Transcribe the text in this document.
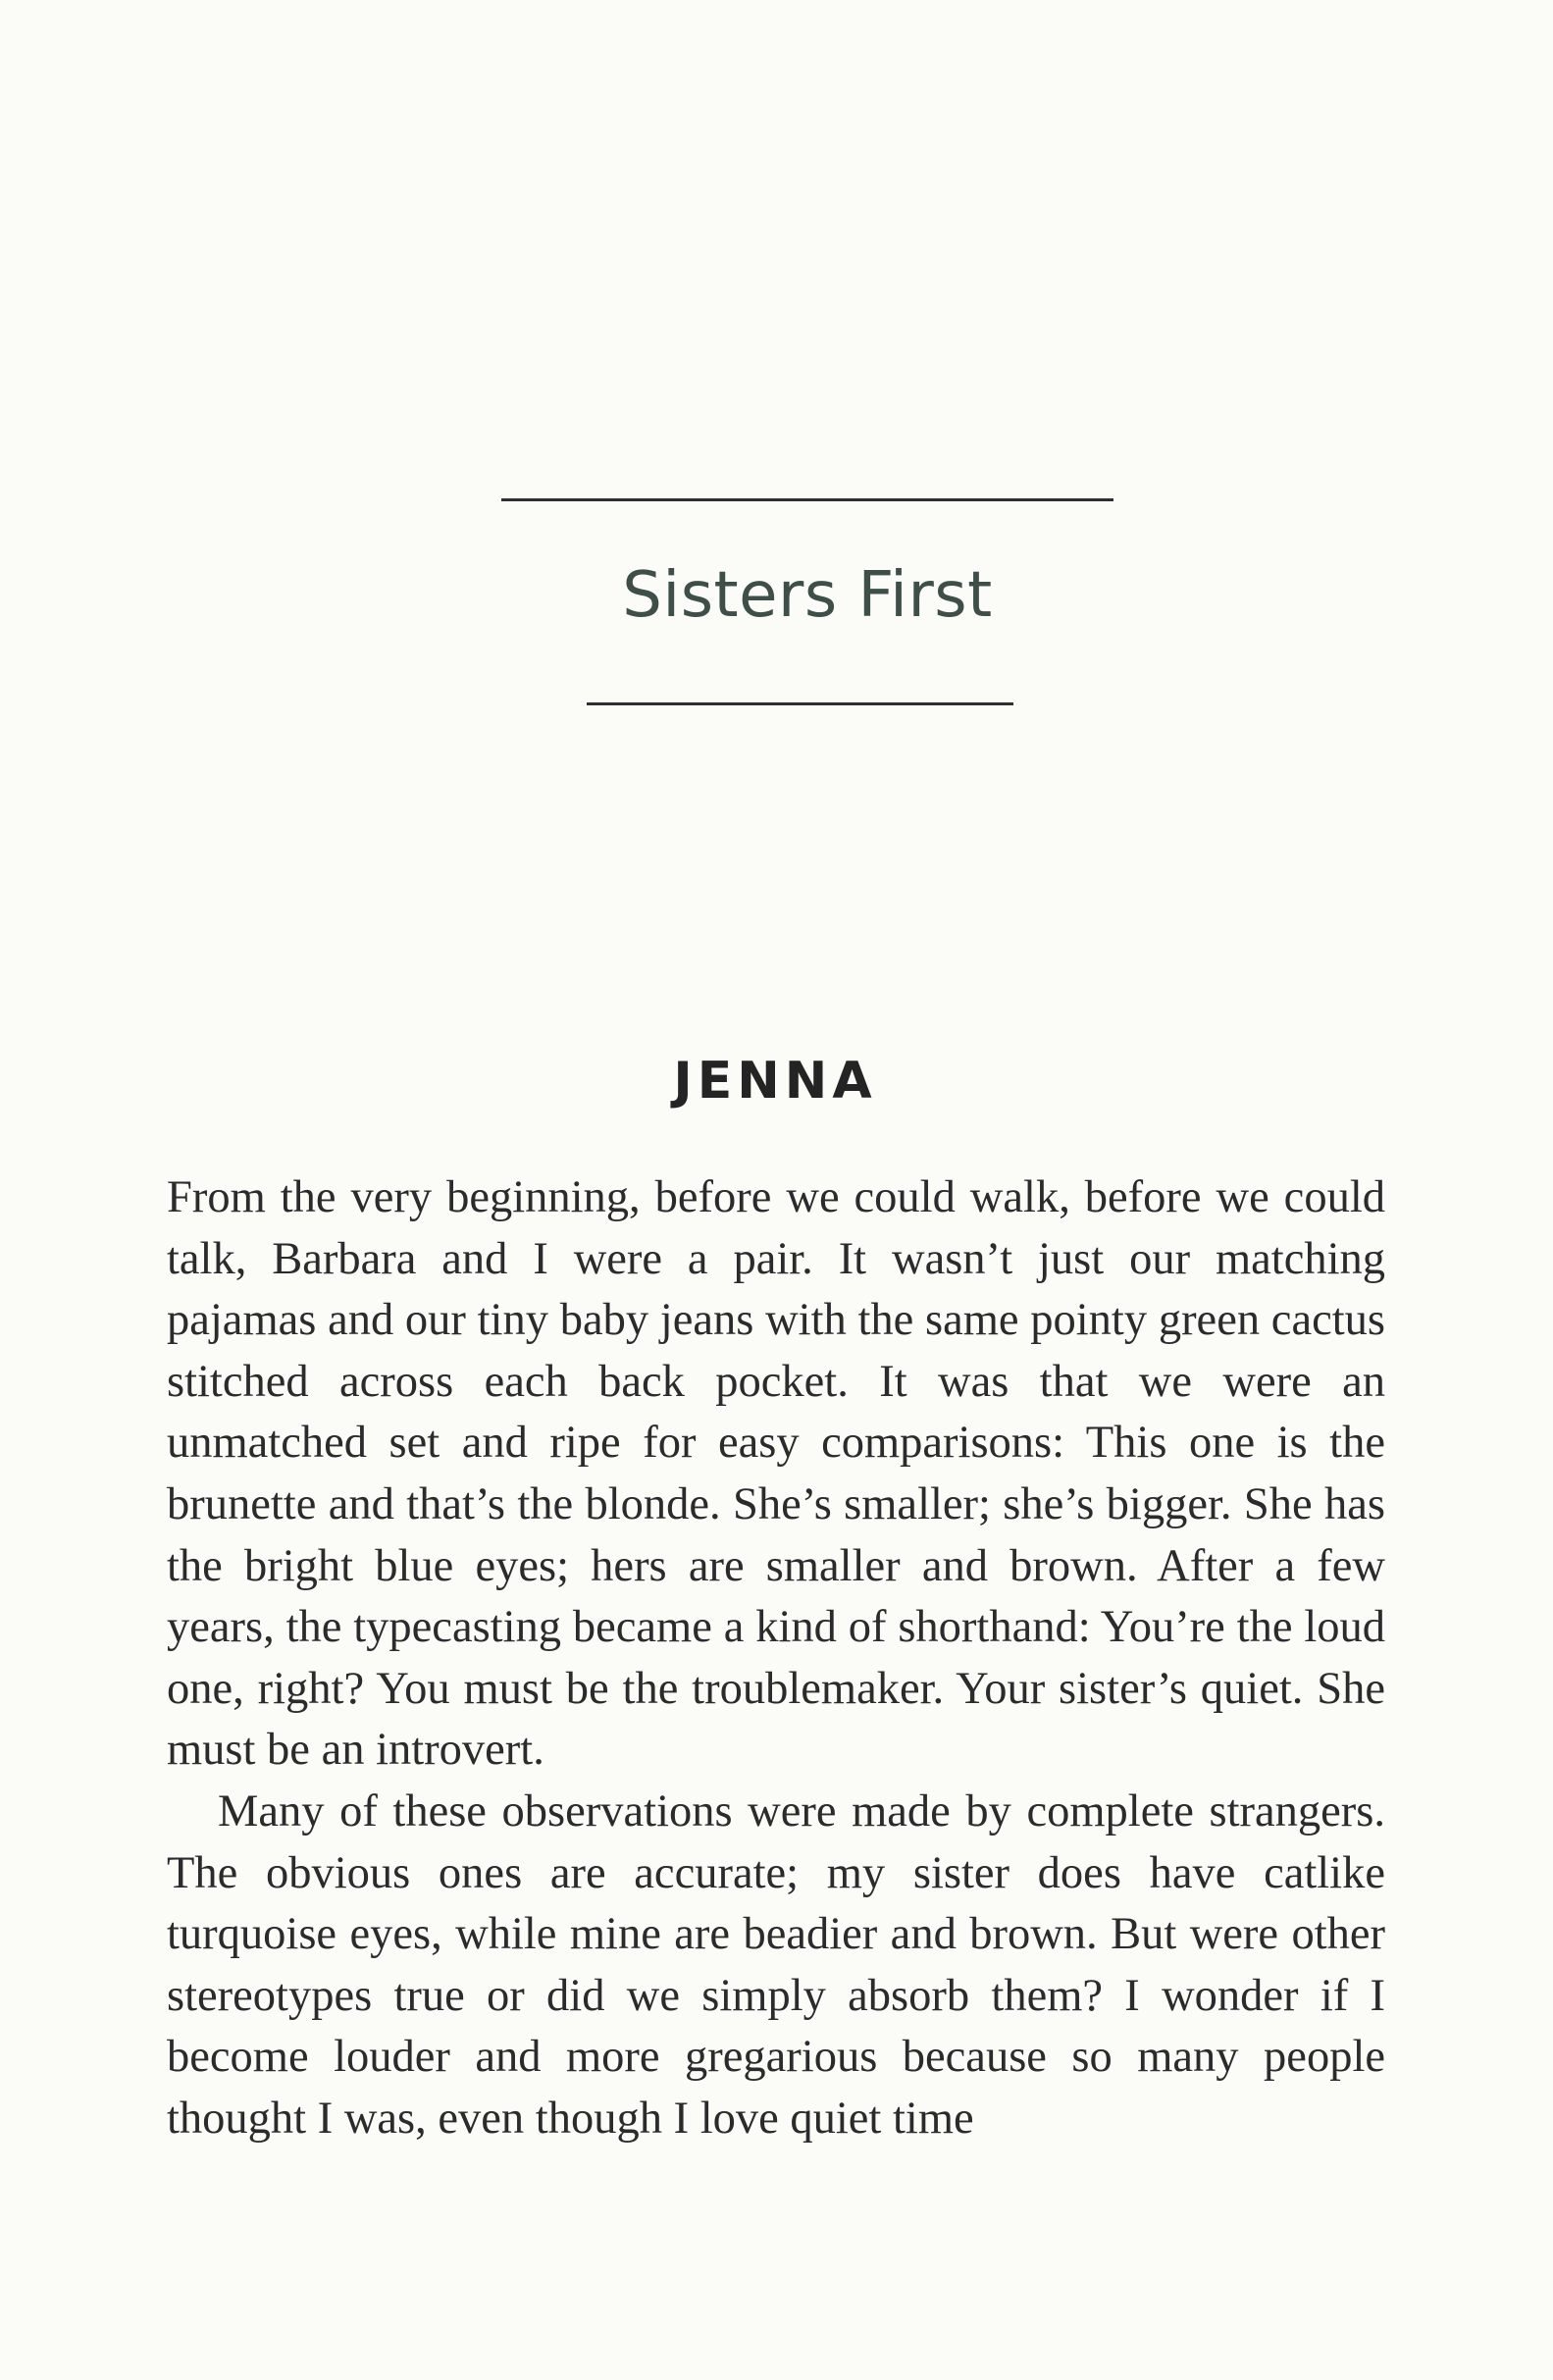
Sisters First
JENNA

From the very beginning, before we could walk, before we could talk, Barbara and I were a pair. It wasn’t just our matching pajamas and our tiny baby jeans with the same pointy green cactus stitched across each back pocket. It was that we were an unmatched set and ripe for easy comparisons: This one is the brunette and that’s the blonde. She’s smaller; she’s bigger. She has the bright blue eyes; hers are smaller and brown. After a few years, the typecasting became a kind of shorthand: You’re the loud one, right? You must be the troublemaker. Your sister’s quiet. She must be an introvert.

Many of these observations were made by complete strangers. The obvious ones are accurate; my sister does have catlike turquoise eyes, while mine are beadier and brown. But were other stereotypes true or did we simply absorb them? I wonder if I become louder and more gregarious because so many people thought I was, even though I love quiet time
